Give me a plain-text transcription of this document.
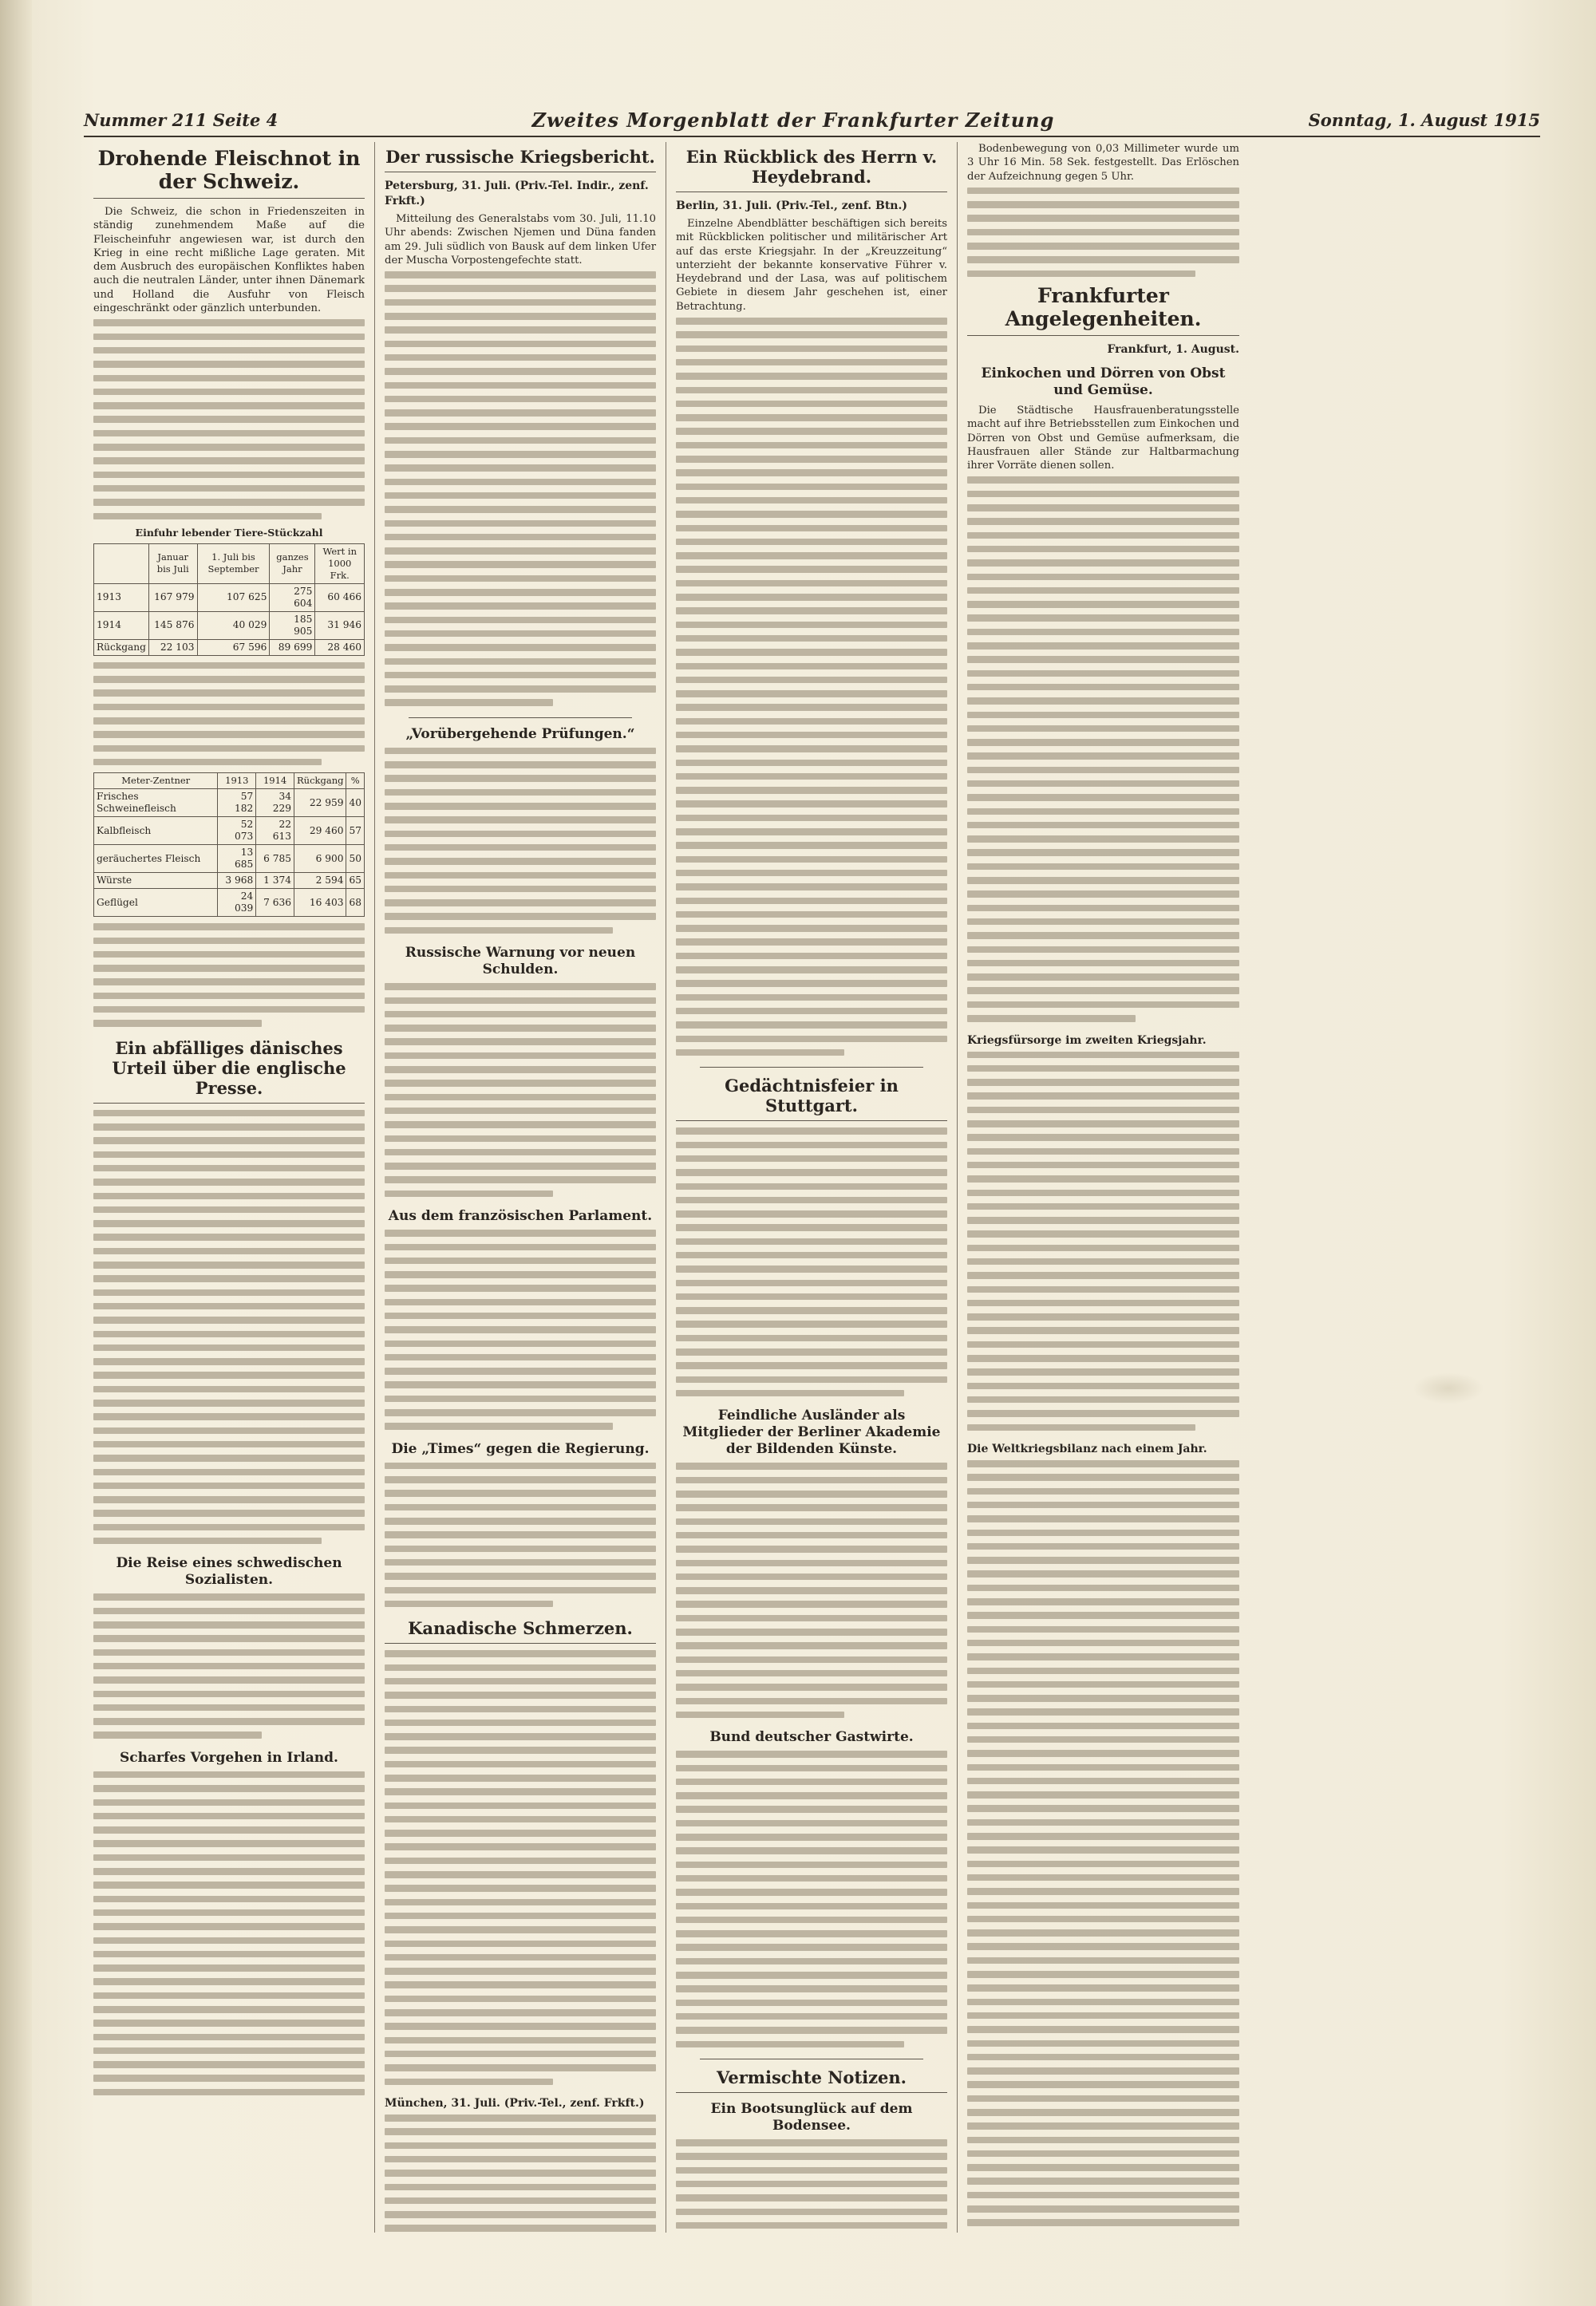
Nummer 211 Seite 4	Zweites Morgenblatt der Frankfurter Zeitung	Sonntag, 1. August 1915
Drohende Fleischnot in der Schweiz.

Die Schweiz, die schon in Friedenszeiten in ständig zunehmendem Maße auf die Fleischeinfuhr angewiesen war, ist durch den Krieg in eine recht mißliche Lage geraten. Mit dem Ausbruch des europäischen Konfliktes haben auch die neutralen Länder, unter ihnen Dänemark und Holland die Ausfuhr von Fleisch eingeschränkt oder gänzlich unterbunden.

Einfuhr lebender Tiere-Stückzahl
	Januar bis Juli	1. Juli bis September	ganzes Jahr	Wert in 1000 Frk.
1913	167 979	107 625	275 604	60 466
1914	145 876	40 029	185 905	31 946
Rückgang	22 103	67 596	89 699	28 460
Meter-Zentner	1913	1914	Rückgang	%
Frisches Schweinefleisch	57 182	34 229	22 959	40
Kalbfleisch	52 073	22 613	29 460	57
geräuchertes Fleisch	13 685	6 785	6 900	50
Würste	3 968	1 374	2 594	65
Geflügel	24 039	7 636	16 403	68
Ein abfälliges dänisches Urteil über die englische Presse.
Die Reise eines schwedischen Sozialisten.
Scharfes Vorgehen in Irland.
Der russische Kriegsbericht.
Petersburg, 31. Juli. (Priv.-Tel. Indir., zenf. Frkft.)

Mitteilung des Generalstabs vom 30. Juli, 11.10 Uhr abends: Zwischen Njemen und Düna fanden am 29. Juli südlich von Bausk auf dem linken Ufer der Muscha Vorpostengefechte statt.

„Vorübergehende Prüfungen.“
Russische Warnung vor neuen Schulden.
Aus dem französischen Parlament.
Die „Times“ gegen die Regierung.
Kanadische Schmerzen.
München, 31. Juli. (Priv.-Tel., zenf. Frkft.)
Ein Rückblick des Herrn v. Heydebrand.
Berlin, 31. Juli. (Priv.-Tel., zenf. Btn.)

Einzelne Abendblätter beschäftigen sich bereits mit Rückblicken politischer und militärischer Art auf das erste Kriegsjahr. In der „Kreuzzeitung“ unterzieht der bekannte konservative Führer v. Heydebrand und der Lasa, was auf politischem Gebiete in diesem Jahr geschehen ist, einer Betrachtung.

Gedächtnisfeier in Stuttgart.
Feindliche Ausländer als Mitglieder der Berliner Akademie der Bildenden Künste.
Bund deutscher Gastwirte.
Vermischte Notizen.
Ein Bootsunglück auf dem Bodensee.

Bodenbewegung von 0,03 Millimeter wurde um 3 Uhr 16 Min. 58 Sek. festgestellt. Das Erlöschen der Aufzeichnung gegen 5 Uhr.

Frankfurter Angelegenheiten.
Frankfurt, 1. August.
Einkochen und Dörren von Obst und Gemüse.

Die Städtische Hausfrauenberatungsstelle macht auf ihre Betriebsstellen zum Einkochen und Dörren von Obst und Gemüse aufmerksam, die Hausfrauen aller Stände zur Haltbarmachung ihrer Vorräte dienen sollen.

Kriegsfürsorge im zweiten Kriegsjahr.
Die Weltkriegsbilanz nach einem Jahr.
